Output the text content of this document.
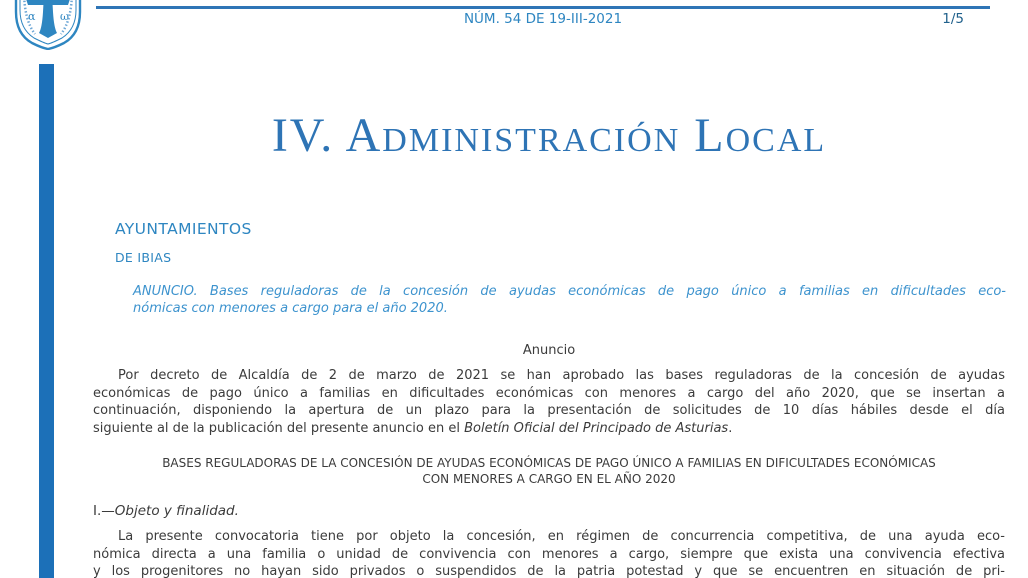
α ω	NÚM. 54 DE 19-III-2021	1/5
IV. Administración Local
AYUNTAMIENTOS
DE IBIAS
ANUNCIO. Bases reguladoras de la concesión de ayudas económicas de pago único a familias en dificultades eco-
nómicas con menores a cargo para el año 2020.
Anuncio
Por decreto de Alcaldía de 2 de marzo de 2021 se han aprobado las bases reguladoras de la concesión de ayudas
económicas de pago único a familias en dificultades económicas con menores a cargo del año 2020, que se insertan a
continuación, disponiendo la apertura de un plazo para la presentación de solicitudes de 10 días hábiles desde el día
siguiente al de la publicación del presente anuncio en el Boletín Oficial del Principado de Asturias.
BASES REGULADORAS DE LA CONCESIÓN DE AYUDAS ECONÓMICAS DE PAGO ÚNICO A FAMILIAS EN DIFICULTADES ECONÓMICAS
CON MENORES A CARGO EN EL AÑO 2020
I.—Objeto y finalidad.
La presente convocatoria tiene por objeto la concesión, en régimen de concurrencia competitiva, de una ayuda eco-
nómica directa a una familia o unidad de convivencia con menores a cargo, siempre que exista una convivencia efectiva
y los progenitores no hayan sido privados o suspendidos de la patria potestad y que se encuentren en situación de pri-
